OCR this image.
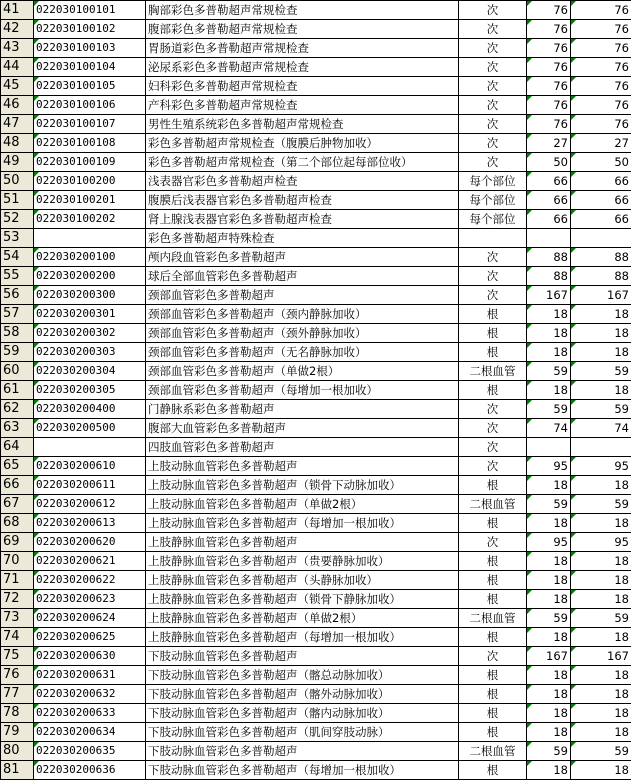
41	022030100101	胸部彩色多普勒超声常规检查	次	76	76
42	022030100102	腹部彩色多普勒超声常规检查	次	76	76
43	022030100103	胃肠道彩色多普勒超声常规检查	次	76	76
44	022030100104	泌尿系彩色多普勒超声常规检查	次	76	76
45	022030100105	妇科彩色多普勒超声常规检查	次	76	76
46	022030100106	产科彩色多普勒超声常规检查	次	76	76
47	022030100107	男性生殖系统彩色多普勒超声常规检查	次	76	76
48	022030100108	彩色多普勒超声常规检查（腹膜后肿物加收）	次	27	27
49	022030100109	彩色多普勒超声常规检查（第二个部位起每部位收）	次	50	50
50	022030100200	浅表器官彩色多普勒超声检查	每个部位	66	66
51	022030100201	腹膜后浅表器官彩色多普勒超声检查	每个部位	66	66
52	022030100202	肾上腺浅表器官彩色多普勒超声检查	每个部位	66	66
53		彩色多普勒超声特殊检查			
54	022030200100	颅内段血管彩色多普勒超声	次	88	88
55	022030200200	球后全部血管彩色多普勒超声	次	88	88
56	022030200300	颈部血管彩色多普勒超声	次	167	167
57	022030200301	颈部血管彩色多普勒超声（颈内静脉加收）	根	18	18
58	022030200302	颈部血管彩色多普勒超声（颈外静脉加收）	根	18	18
59	022030200303	颈部血管彩色多普勒超声（无名静脉加收）	根	18	18
60	022030200304	颈部血管彩色多普勒超声（单做2根）	二根血管	59	59
61	022030200305	颈部血管彩色多普勒超声（每增加一根加收）	根	18	18
62	022030200400	门静脉系彩色多普勒超声	次	59	59
63	022030200500	腹部大血管彩色多普勒超声	次	74	74
64		四肢血管彩色多普勒超声	次		
65	022030200610	上肢动脉血管彩色多普勒超声	次	95	95
66	022030200611	上肢动脉血管彩色多普勒超声（锁骨下动脉加收）	根	18	18
67	022030200612	上肢动脉血管彩色多普勒超声（单做2根）	二根血管	59	59
68	022030200613	上肢动脉血管彩色多普勒超声（每增加一根加收）	根	18	18
69	022030200620	上肢静脉血管彩色多普勒超声	次	95	95
70	022030200621	上肢静脉血管彩色多普勒超声（贵要静脉加收）	根	18	18
71	022030200622	上肢静脉血管彩色多普勒超声（头静脉加收）	根	18	18
72	022030200623	上肢静脉血管彩色多普勒超声（锁骨下静脉加收）	根	18	18
73	022030200624	上肢静脉血管彩色多普勒超声（单做2根）	二根血管	59	59
74	022030200625	上肢静脉血管彩色多普勒超声（每增加一根加收）	根	18	18
75	022030200630	下肢动脉血管彩色多普勒超声	次	167	167
76	022030200631	下肢动脉血管彩色多普勒超声（髂总动脉加收）	根	18	18
77	022030200632	下肢动脉血管彩色多普勒超声（髂外动脉加收）	根	18	18
78	022030200633	下肢动脉血管彩色多普勒超声（髂内动脉加收）	根	18	18
79	022030200634	下肢动脉血管彩色多普勒超声（肌间穿肢动脉）	根	18	18
80	022030200635	下肢动脉血管彩色多普勒超声	二根血管	59	59
81	022030200636	下肢动脉血管彩色多普勒超声（每增加一根加收）	根	18	18
